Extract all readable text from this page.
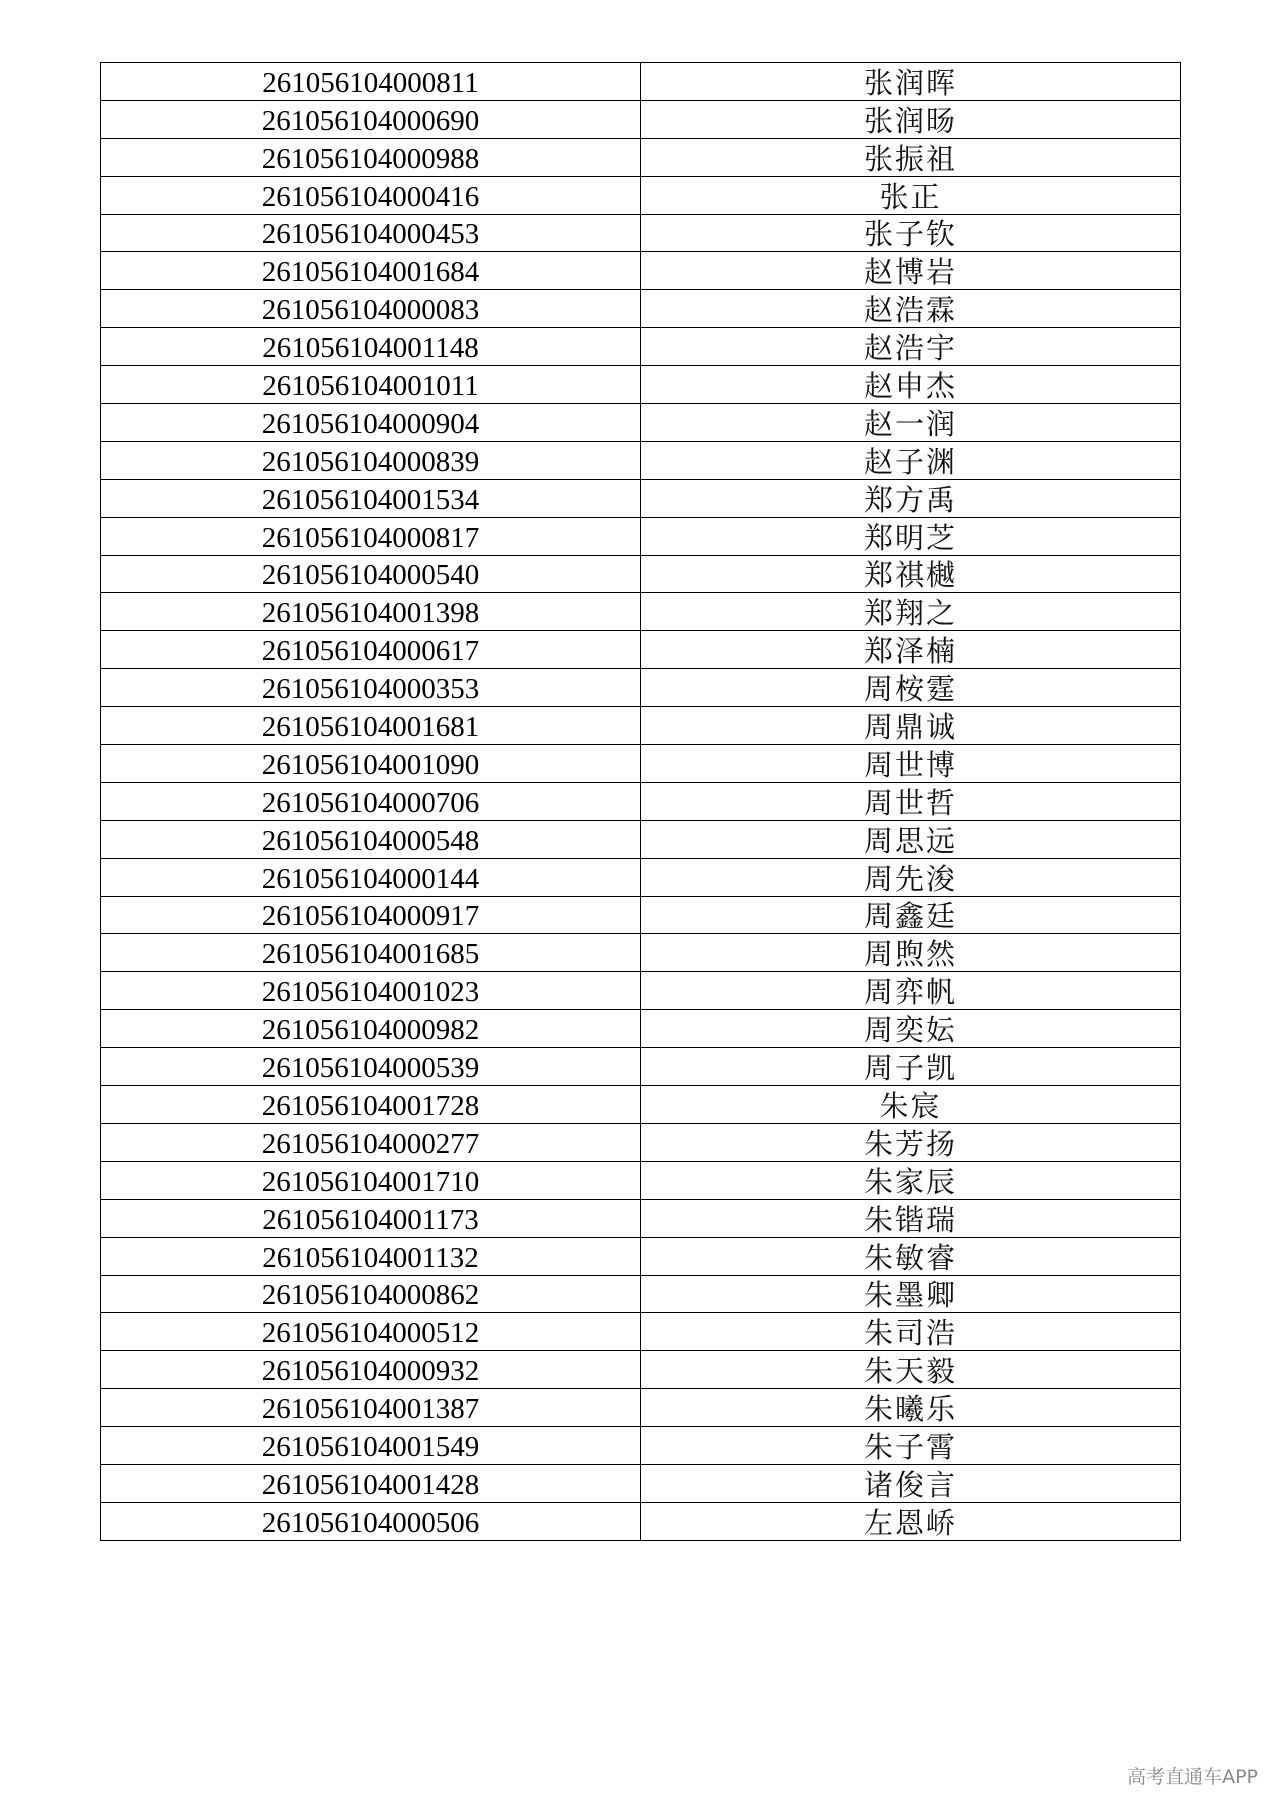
261056104000811	张润晖
261056104000690	张润旸
261056104000988	张振祖
261056104000416	张正
261056104000453	张子钦
261056104001684	赵博岩
261056104000083	赵浩霖
261056104001148	赵浩宇
261056104001011	赵申杰
261056104000904	赵一润
261056104000839	赵子渊
261056104001534	郑方禹
261056104000817	郑明芝
261056104000540	郑祺樾
261056104001398	郑翔之
261056104000617	郑泽楠
261056104000353	周桉霆
261056104001681	周鼎诚
261056104001090	周世博
261056104000706	周世哲
261056104000548	周思远
261056104000144	周先浚
261056104000917	周鑫廷
261056104001685	周煦然
261056104001023	周弈帆
261056104000982	周奕妘
261056104000539	周子凯
261056104001728	朱宸
261056104000277	朱芳扬
261056104001710	朱家辰
261056104001173	朱锴瑞
261056104001132	朱敏睿
261056104000862	朱墨卿
261056104000512	朱司浩
261056104000932	朱天毅
261056104001387	朱曦乐
261056104001549	朱子霄
261056104001428	诸俊言
261056104000506	左恩峤
高考直通车APP
